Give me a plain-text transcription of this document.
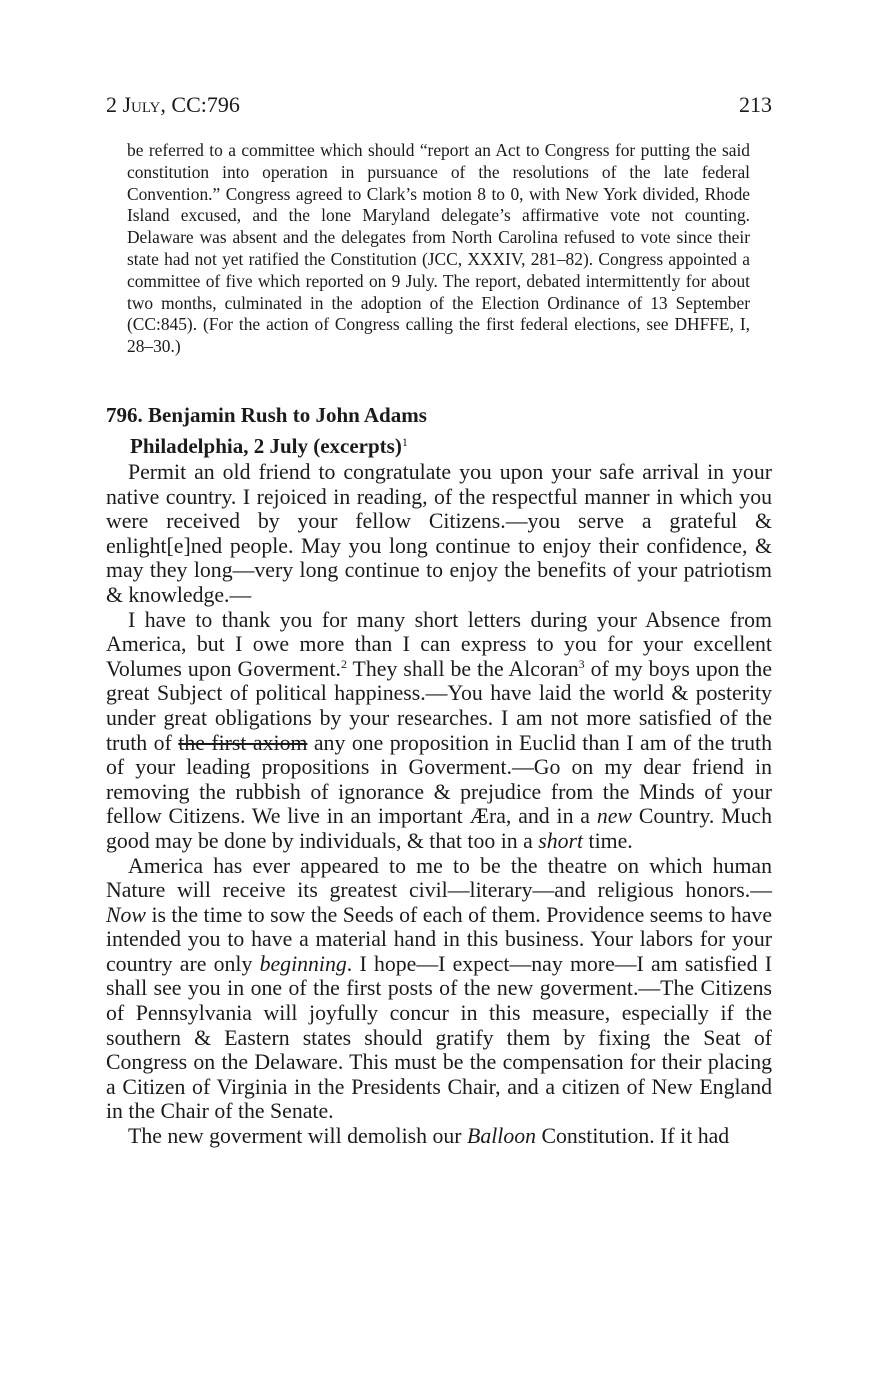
2 July, CC:796	213
be referred to a committee which should “report an Act to Congress for putting the said constitution into operation in pursuance of the resolutions of the late federal Convention.” Congress agreed to Clark’s motion 8 to 0, with New York divided, Rhode Island excused, and the lone Maryland delegate’s affirmative vote not counting. Delaware was absent and the delegates from North Carolina refused to vote since their state had not yet ratified the Constitution (JCC, XXXIV, 281–82). Congress appointed a committee of five which reported on 9 July. The report, debated intermittently for about two months, culminated in the adoption of the Election Ordinance of 13 September (CC:845). (For the action of Congress calling the first federal elections, see DHFFE, I, 28–30.)
796. Benjamin Rush to John Adams
Philadelphia, 2 July (excerpts)$^1$

Permit an old friend to congratulate you upon your safe arrival in your native country. I rejoiced in reading, of the respectful manner in which you were received by your fellow Citizens.—you serve a grateful & enlight[e]ned people. May you long continue to enjoy their confidence, & may they long—very long continue to enjoy the benefits of your patriotism & knowledge.—

I have to thank you for many short letters during your Absence from America, but I owe more than I can express to you for your excellent Volumes upon Goverment.$^2$ They shall be the Alcoran$^3$ of my boys upon the great Subject of political happiness.—You have laid the world & posterity under great obligations by your researches. I am not more satisfied of the truth of the first axiom any one proposition in Euclid than I am of the truth of your leading propositions in Goverment.—Go on my dear friend in removing the rubbish of ignorance & prejudice from the Minds of your fellow Citizens. We live in an important Æra, and in a new Country. Much good may be done by individuals, & that too in a short time.

America has ever appeared to me to be the theatre on which human Nature will receive its greatest civil—literary—and religious honors.— Now is the time to sow the Seeds of each of them. Providence seems to have intended you to have a material hand in this business. Your labors for your country are only beginning. I hope—I expect—nay more—I am satisfied I shall see you in one of the first posts of the new goverment.—The Citizens of Pennsylvania will joyfully concur in this measure, especially if the southern & Eastern states should gratify them by fixing the Seat of Congress on the Delaware. This must be the compensation for their placing a Citizen of Virginia in the Presidents Chair, and a citizen of New England in the Chair of the Senate.

The new goverment will demolish our Balloon Constitution. If it had
